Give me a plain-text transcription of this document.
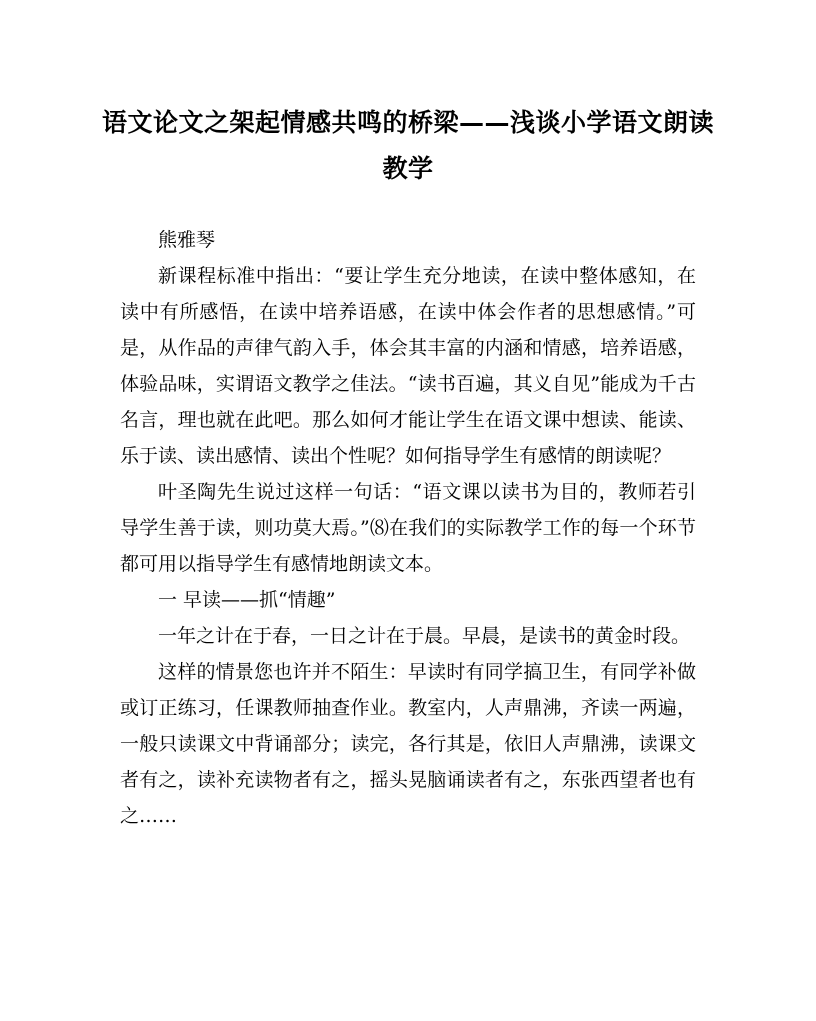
语文论文之架起情感共鸣的桥梁——浅谈小学语文朗读教学

熊雅琴

新课程标准中指出：“要让学生充分地读，在读中整体感知，在读中有所感悟，在读中培养语感，在读中体会作者的思想感情。”可是，从作品的声律气韵入手，体会其丰富的内涵和情感，培养语感，体验品味，实谓语文教学之佳法。“读书百遍，其义自见”能成为千古名言，理也就在此吧。那么如何才能让学生在语文课中想读、能读、乐于读、读出感情、读出个性呢？如何指导学生有感情的朗读呢？

叶圣陶先生说过这样一句话：“语文课以读书为目的，教师若引导学生善于读，则功莫大焉。”⑻在我们的实际教学工作的每一个环节都可用以指导学生有感情地朗读文本。

一 早读——抓“情趣”

一年之计在于春，一日之计在于晨。早晨，是读书的黄金时段。

这样的情景您也许并不陌生：早读时有同学搞卫生，有同学补做或订正练习，任课教师抽查作业。教室内，人声鼎沸，齐读一两遍，一般只读课文中背诵部分；读完，各行其是，依旧人声鼎沸，读课文者有之，读补充读物者有之，摇头晃脑诵读者有之，东张西望者也有之……
